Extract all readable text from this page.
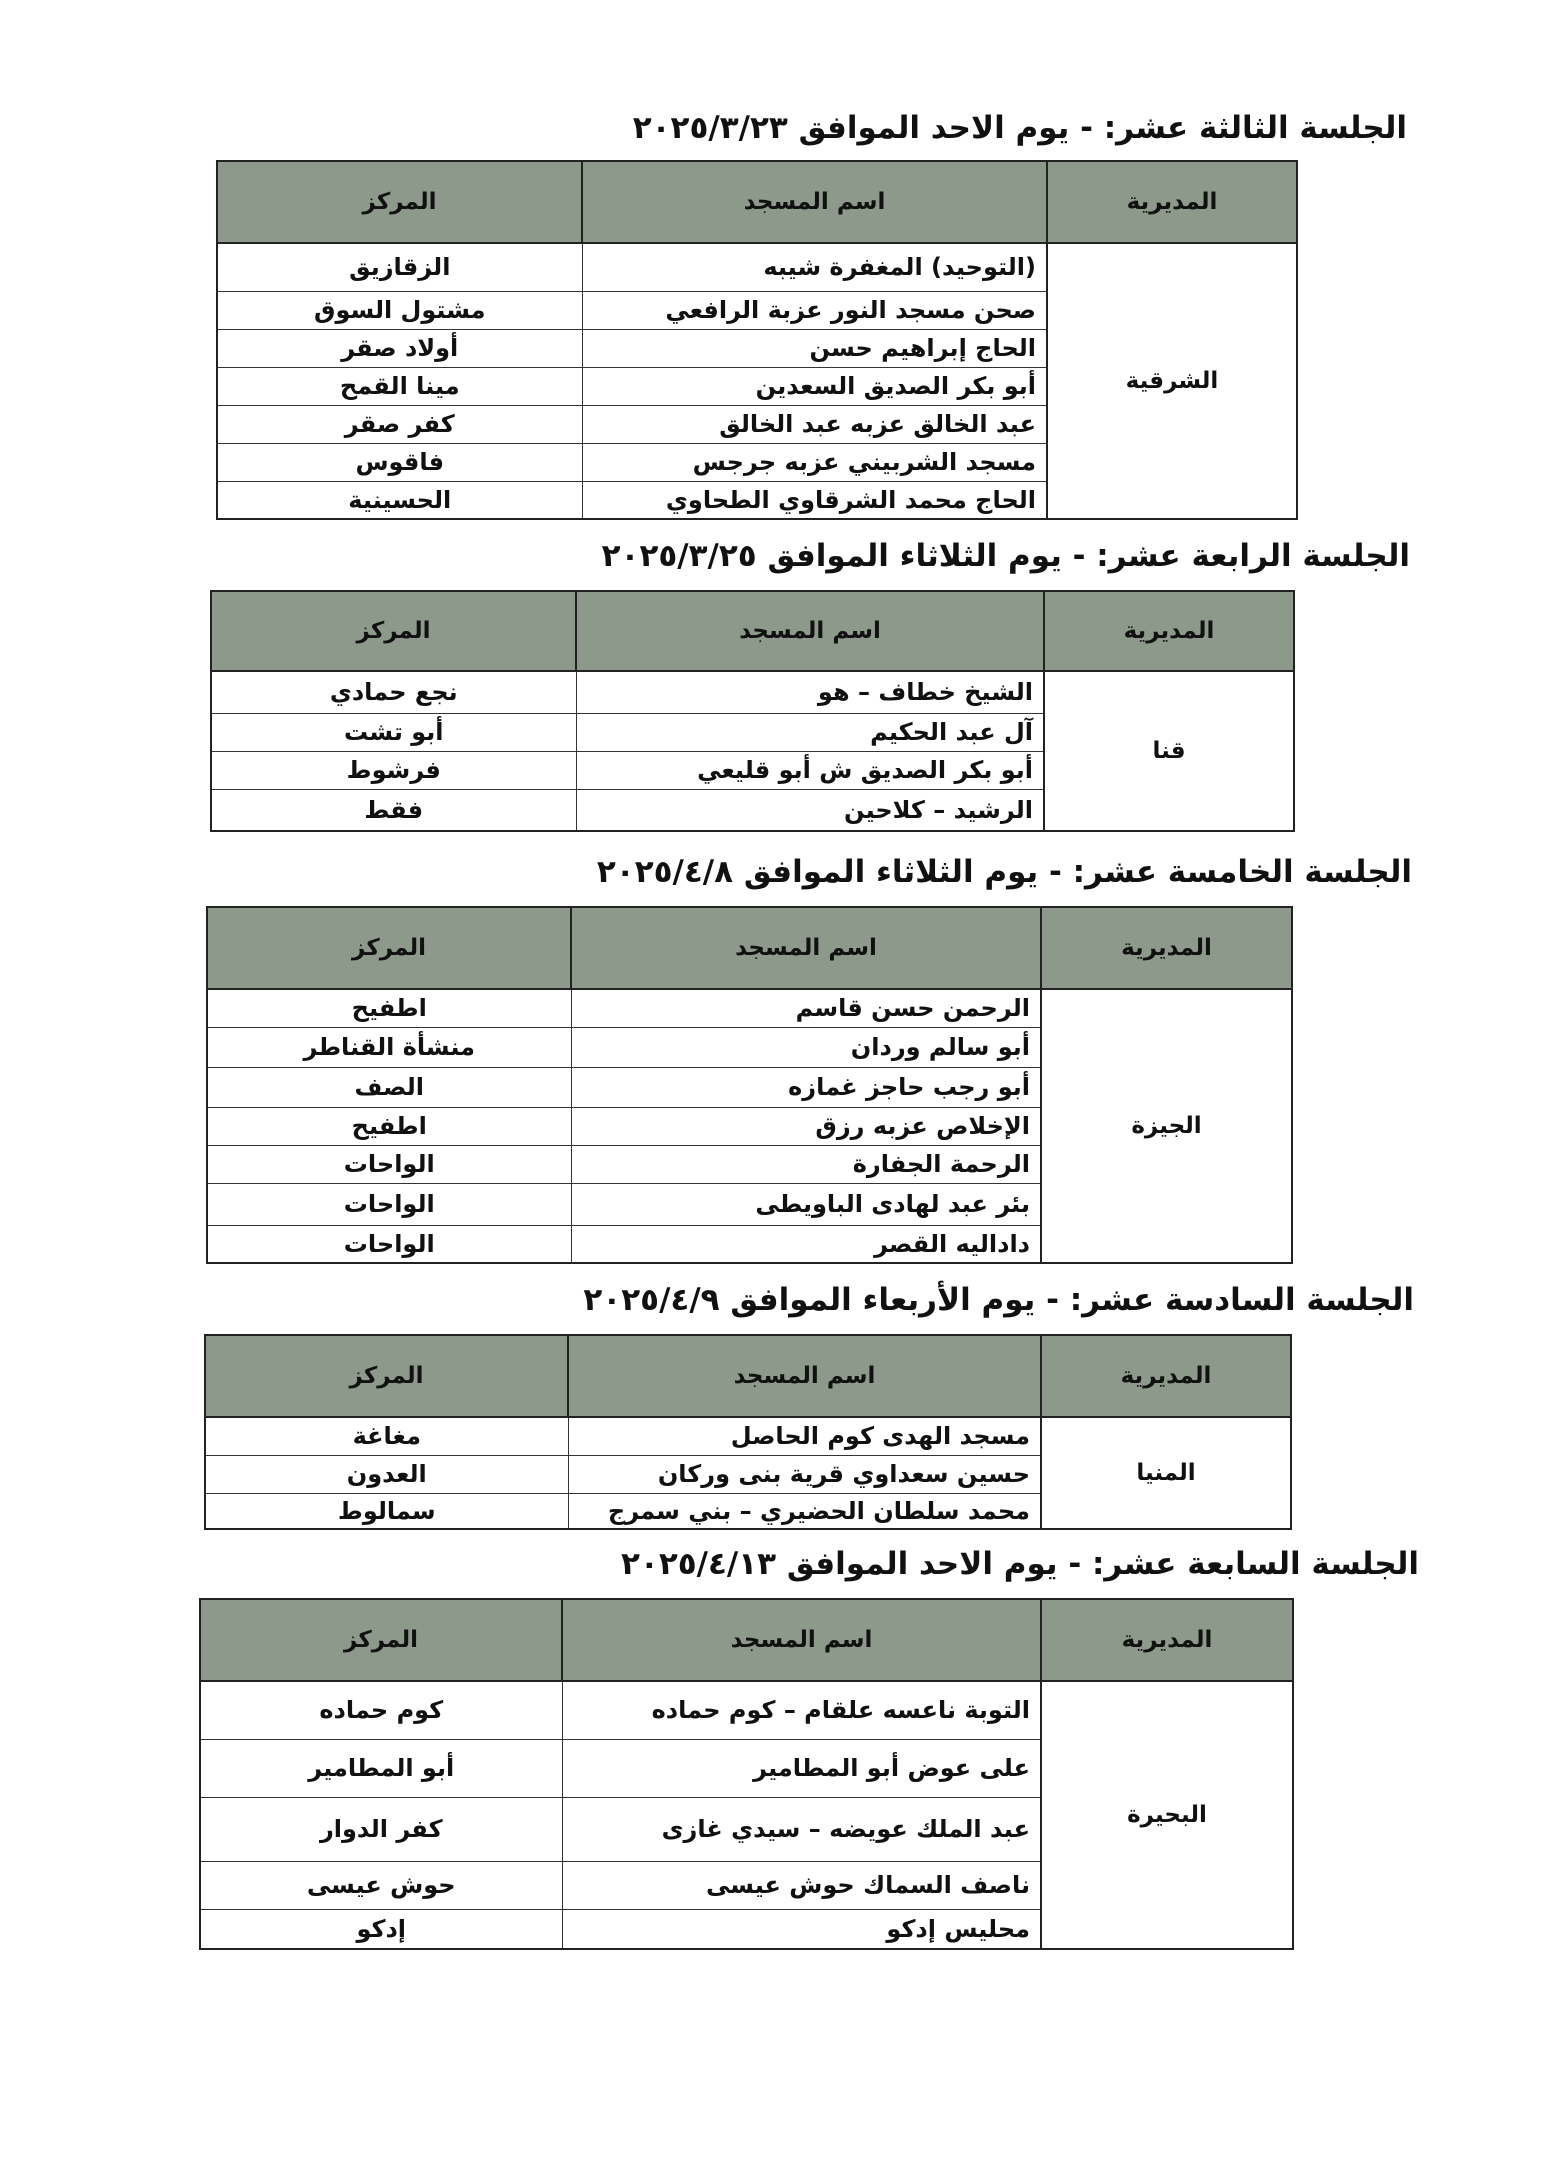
الجلسة الثالثة عشر: - يوم الاحد الموافق ٢٠٢٥/٣/٢٣
المديرية	اسم المسجد	المركز
الشرقية	(التوحيد) المغفرة شيبه	الزقازيق
	صحن مسجد النور عزبة الرافعي	مشتول السوق
	الحاج إبراهيم حسن	أولاد صقر
	أبو بكر الصديق السعدين	مينا القمح
	عبد الخالق عزبه عبد الخالق	كفر صقر
	مسجد الشربيني عزبه جرجس	فاقوس
	الحاج محمد الشرقاوي الطحاوي	الحسينية
الجلسة الرابعة عشر: - يوم الثلاثاء الموافق ٢٠٢٥/٣/٢٥
المديرية	اسم المسجد	المركز
قنا	الشيخ خطاف – هو	نجع حمادي
	آل عبد الحكيم	أبو تشت
	أبو بكر الصديق ش أبو قليعي	فرشوط
	الرشيد – كلاحين	فقط
الجلسة الخامسة عشر: - يوم الثلاثاء الموافق ٢٠٢٥/٤/٨
المديرية	اسم المسجد	المركز
الجيزة	الرحمن حسن قاسم	اطفيح
	أبو سالم وردان	منشأة القناطر
	أبو رجب حاجز غمازه	الصف
	الإخلاص عزبه رزق	اطفيح
	الرحمة الجفارة	الواحات
	بئر عبد لهادى الباويطى	الواحات
	داداليه القصر	الواحات
الجلسة السادسة عشر: - يوم الأربعاء الموافق ٢٠٢٥/٤/٩
المديرية	اسم المسجد	المركز
المنيا	مسجد الهدى كوم الحاصل	مغاغة
	حسين سعداوي قرية بنى وركان	العدون
	محمد سلطان الحضيري – بني سمرج	سمالوط
الجلسة السابعة عشر: - يوم الاحد الموافق ٢٠٢٥/٤/١٣
المديرية	اسم المسجد	المركز
البحيرة	التوبة ناعسه علقام – كوم حماده	كوم حماده
	على عوض أبو المطامير	أبو المطامير
	عبد الملك عويضه – سيدي غازى	كفر الدوار
	ناصف السماك حوش عيسى	حوش عيسى
	محليس إدكو	إدكو
